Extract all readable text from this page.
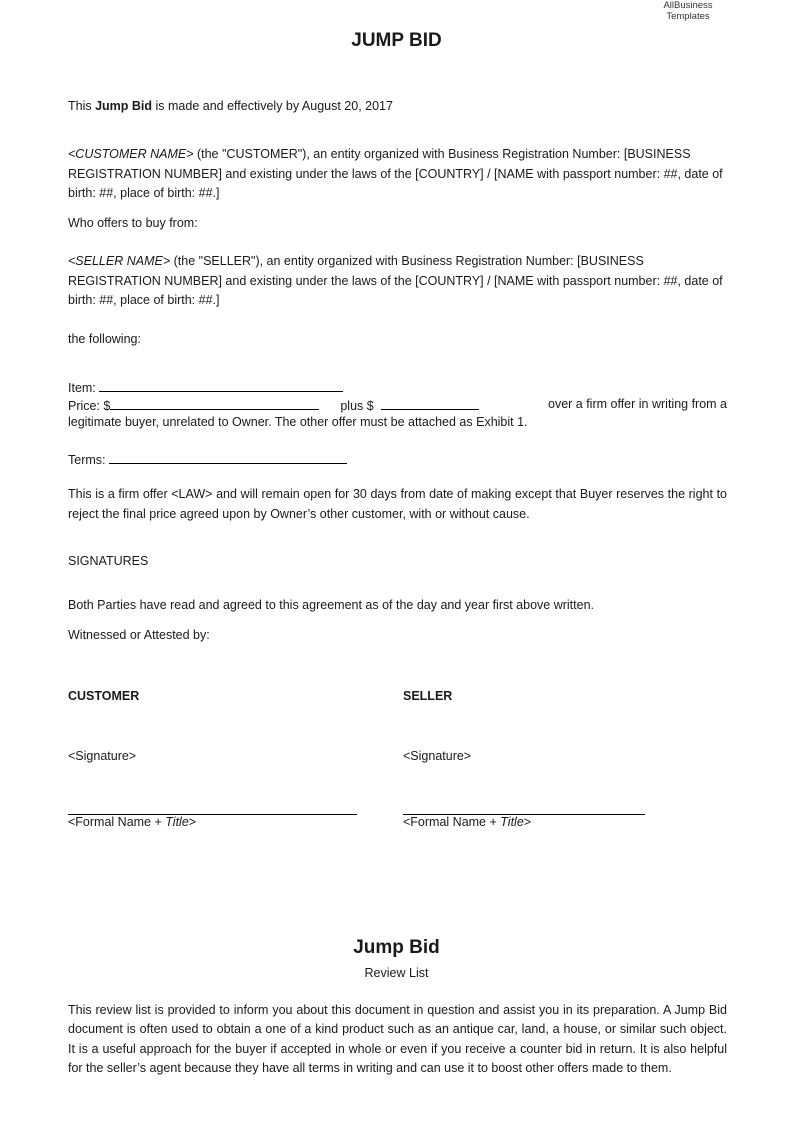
AllBusiness
Templates
JUMP BID
This Jump Bid is made and effectively by August 20, 2017
<CUSTOMER NAME> (the "CUSTOMER"), an entity organized with Business Registration Number: [BUSINESS REGISTRATION NUMBER] and existing under the laws of the [COUNTRY] / [NAME with passport number: ##, date of birth: ##, place of birth: ##.]
Who offers to buy from:
<SELLER NAME> (the "SELLER"), an entity organized with Business Registration Number: [BUSINESS REGISTRATION NUMBER] and existing under the laws of the [COUNTRY] / [NAME with passport number: ##, date of birth: ##, place of birth: ##.]
the following:
Item:
Price: $	plus $	over a firm offer in writing from a
legitimate buyer, unrelated to Owner. The other offer must be attached as Exhibit 1.
Terms:
This is a firm offer <LAW> and will remain open for 30 days from date of making except that Buyer reserves the right to reject the final price agreed upon by Owner’s other customer, with or without cause.
SIGNATURES
Both Parties have read and agreed to this agreement as of the day and year first above written.
Witnessed or Attested by:
CUSTOMER	SELLER
<Signature>	<Signature>
<Formal Name + Title>	<Formal Name + Title>
Jump Bid
Review List
This review list is provided to inform you about this document in question and assist you in its preparation. A Jump Bid document is often used to obtain a one of a kind product such as an antique car, land, a house, or similar such object. It is a useful approach for the buyer if accepted in whole or even if you receive a counter bid in return. It is also helpful for the seller’s agent because they have all terms in writing and can use it to boost other offers made to them.
